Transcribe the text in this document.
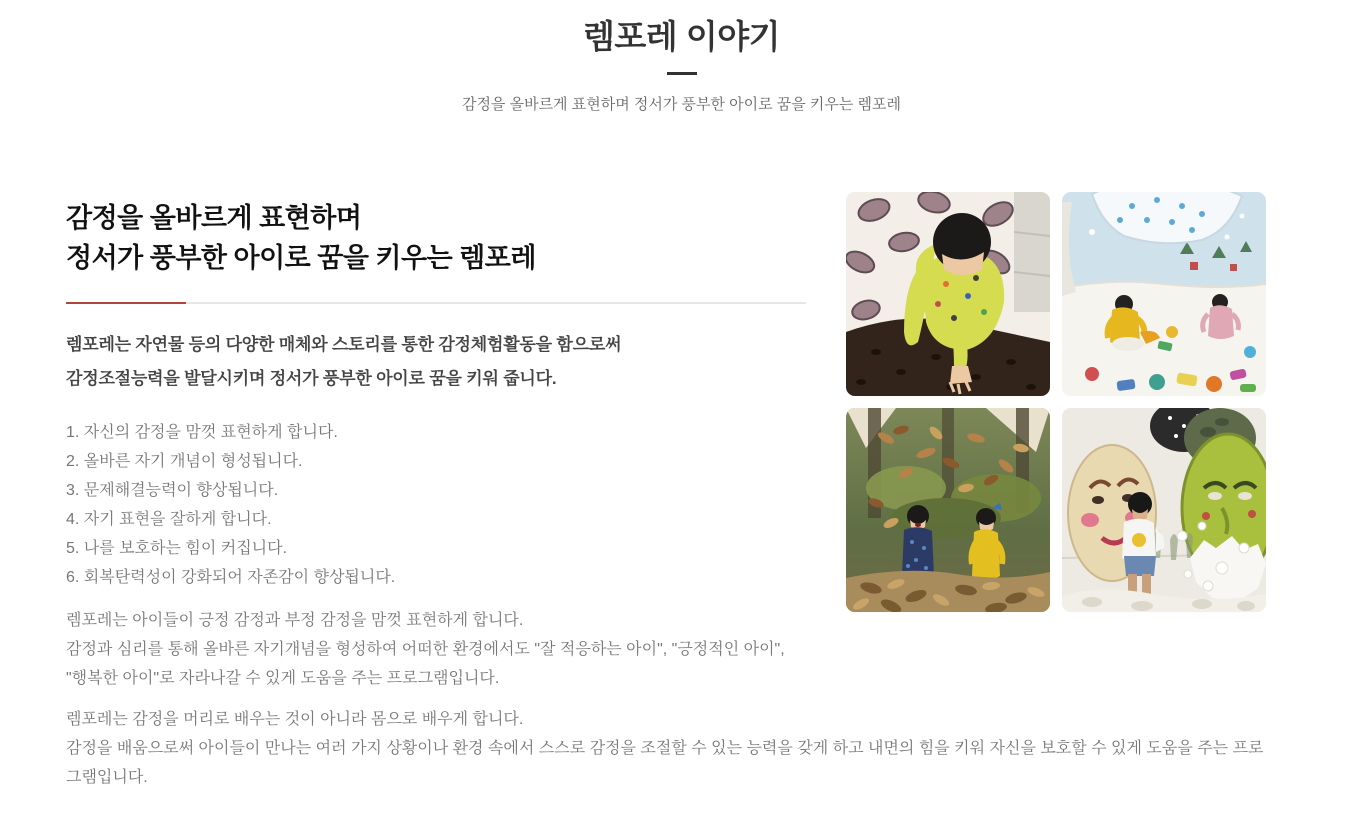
렘포레 이야기
감정을 올바르게 표현하며 정서가 풍부한 아이로 꿈을 키우는 렘포레
감정을 올바르게 표현하며
정서가 풍부한 아이로 꿈을 키우는 렘포레
렘포레는 자연물 등의 다양한 매체와 스토리를 통한 감정체험활동을 함으로써
감정조절능력을 발달시키며 정서가 풍부한 아이로 꿈을 키워 줍니다.
1. 자신의 감정을 맘껏 표현하게 합니다.
2. 올바른 자기 개념이 형성됩니다.
3. 문제해결능력이 향상됩니다.
4. 자기 표현을 잘하게 합니다.
5. 나를 보호하는 힘이 커집니다.
6. 회복탄력성이 강화되어 자존감이 향상됩니다.
렘포레는 아이들이 긍정 감정과 부정 감정을 맘껏 표현하게 합니다.
감정과 심리를 통해 올바른 자기개념을 형성하여 어떠한 환경에서도 "잘 적응하는 아이", "긍정적인 아이", "행복한 아이"로 자라나갈 수 있게 도움을 주는 프로그램입니다.
렘포레는 감정을 머리로 배우는 것이 아니라 몸으로 배우게 합니다.
감정을 배움으로써 아이들이 만나는 여러 가지 상황이나 환경 속에서 스스로 감정을 조절할 수 있는 능력을 갖게 하고 내면의 힘을 키워 자신을 보호할 수 있게 도움을 주는 프로그램입니다.
